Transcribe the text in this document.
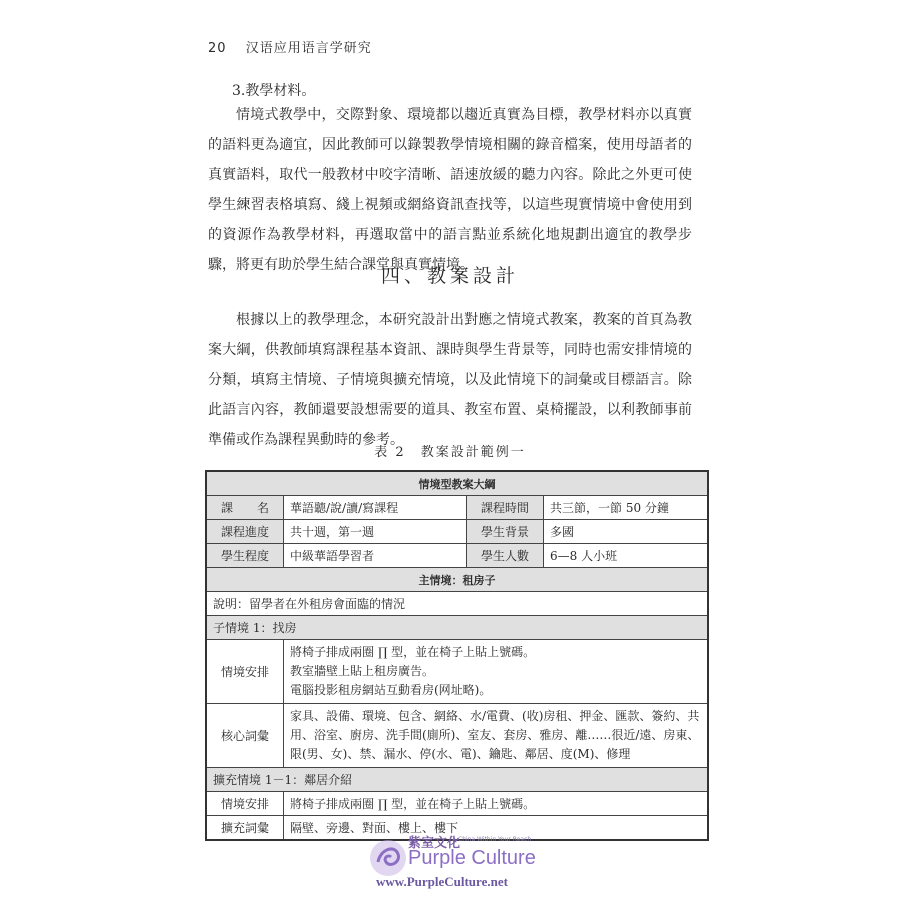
20 汉语应用语言学研究
3.教學材料。
情境式教學中，交際對象、環境都以趨近真實為目標，教學材料亦以真實的語料更為適宜，因此教師可以錄製教學情境相關的錄音檔案，使用母語者的真實語料，取代一般教材中咬字清晰、語速放緩的聽力內容。除此之外更可使學生練習表格填寫、綫上視頻或網絡資訊查找等，以這些現實情境中會使用到的資源作為教學材料，再選取當中的語言點並系統化地規劃出適宜的教學步驟，將更有助於學生結合課堂與真實情境。
四、教案設計
根據以上的教學理念，本研究設計出對應之情境式教案，教案的首頁為教案大綱，供教師填寫課程基本資訊、課時與學生背景等，同時也需安排情境的分類，填寫主情境、子情境與擴充情境，以及此情境下的詞彙或目標語言。除此語言內容，教師還要設想需要的道具、教室布置、桌椅擺設，以利教師事前準備或作為課程異動時的參考。
表 2　教案設計範例一
情境型教案大綱			
課　　名	華語聽/說/讀/寫課程	課程時間	共三節，一節 50 分鐘
課程進度	共十週，第一週	學生背景	多國
學生程度	中級華語學習者	學生人數	6—8 人小班
主情境：租房子			
說明：留學者在外租房會面臨的情況			
子情境 1：找房			
情境安排	將椅子排成兩圈 ∏ 型，並在椅子上貼上號碼。
教室牆壁上貼上租房廣告。
電腦投影租房網站互動看房(网址略)。		

核心詞彙	家具、設備、環境、包含、網絡、水/電費、(收)房租、押金、匯款、簽約、共用、浴室、廚房、洗手間(廁所)、室友、套房、雅房、離……很近/遠、房東、限(男、女)、禁、漏水、停(水、電)、鑰匙、鄰居、度(M)、修理		
擴充情境 1－1：鄰居介紹			
情境安排	將椅子排成兩圈 ∏ 型，並在椅子上貼上號碼。		
擴充詞彙	隔壁、旁邊、對面、樓上、樓下		
紫室文化
A China Within Your Reach
Purple Culture
www.PurpleCulture.net
